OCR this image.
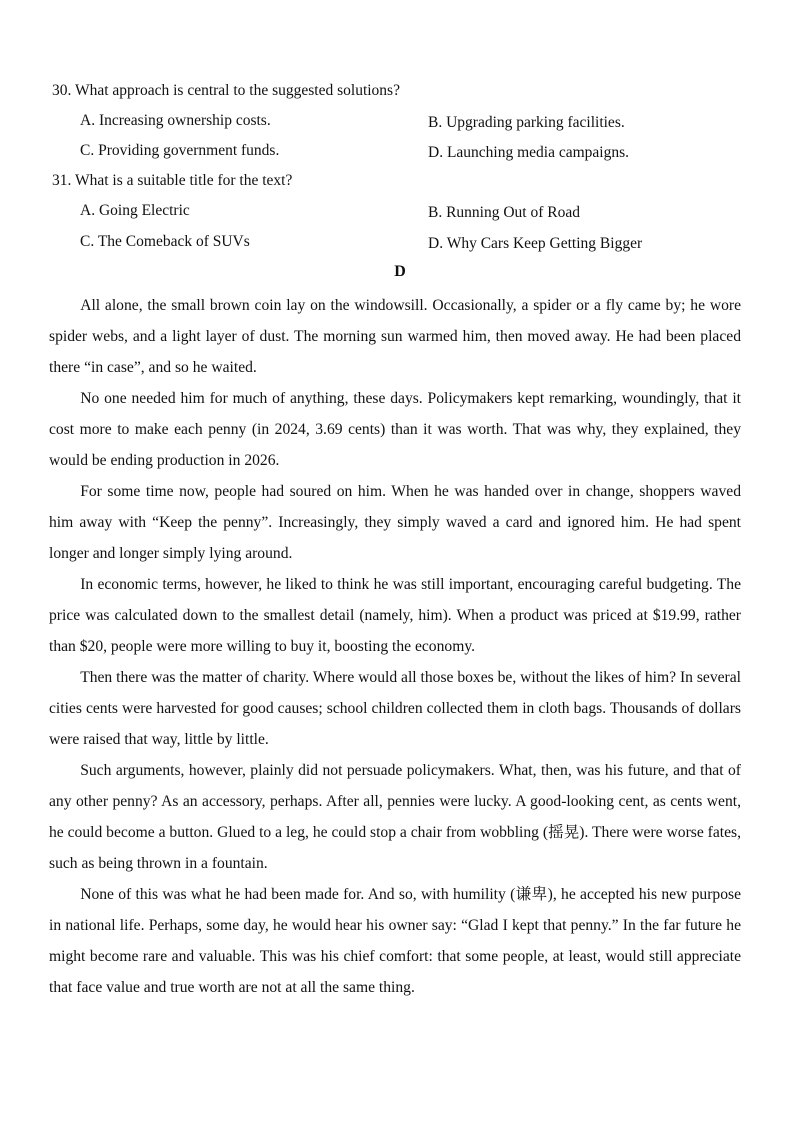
30. What approach is central to the suggested solutions?
A. Increasing ownership costs.	B. Upgrading parking facilities.
C. Providing government funds.	D. Launching media campaigns.
31. What is a suitable title for the text?
A. Going Electric	B. Running Out of Road
C. The Comeback of SUVs	D. Why Cars Keep Getting Bigger
D

All alone, the small brown coin lay on the windowsill. Occasionally, a spider or a fly came by; he wore spider webs, and a light layer of dust. The morning sun warmed him, then moved away. He had been placed there “in case”, and so he waited.

No one needed him for much of anything, these days. Policymakers kept remarking, woundingly, that it cost more to make each penny (in 2024, 3.69 cents) than it was worth. That was why, they explained, they would be ending production in 2026.

For some time now, people had soured on him. When he was handed over in change, shoppers waved him away with “Keep the penny”. Increasingly, they simply waved a card and ignored him. He had spent longer and longer simply lying around.

In economic terms, however, he liked to think he was still important, encouraging careful budgeting. The price was calculated down to the smallest detail (namely, him). When a product was priced at $19.99, rather than $20, people were more willing to buy it, boosting the economy.

Then there was the matter of charity. Where would all those boxes be, without the likes of him? In several cities cents were harvested for good causes; school children collected them in cloth bags. Thousands of dollars were raised that way, little by little.

Such arguments, however, plainly did not persuade policymakers. What, then, was his future, and that of any other penny? As an accessory, perhaps. After all, pennies were lucky. A good-looking cent, as cents went, he could become a button. Glued to a leg, he could stop a chair from wobbling (摇晃). There were worse fates, such as being thrown in a fountain.

None of this was what he had been made for. And so, with humility (谦卑), he accepted his new purpose in national life. Perhaps, some day, he would hear his owner say: “Glad I kept that penny.” In the far future he might become rare and valuable. This was his chief comfort: that some people, at least, would still appreciate that face value and true worth are not at all the same thing.
